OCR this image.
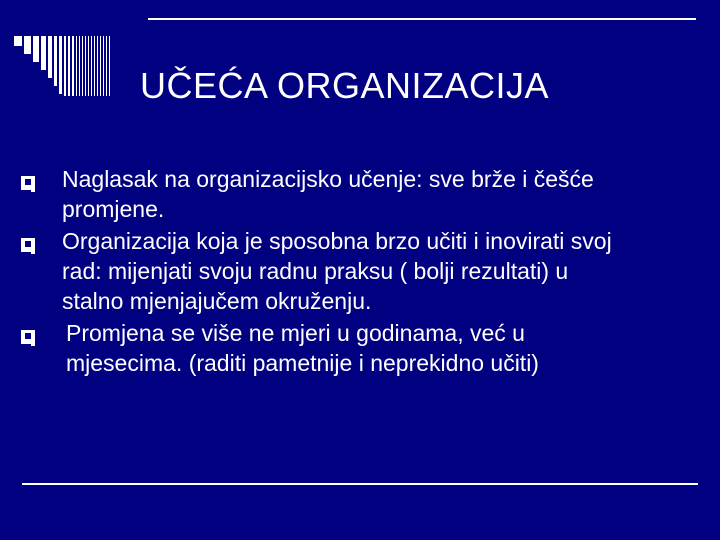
UČEĆA ORGANIZACIJA
Naglasak na organizacijsko učenje: sve brže i češće promjene.
Organizacija koja je sposobna brzo učiti i inovirati svoj rad: mijenjati svoju radnu praksu ( bolji rezultati) u stalno mjenjajučem okruženju.
Promjena se više ne mjeri u godinama, već u mjesecima. (raditi pametnije i neprekidno učiti)
